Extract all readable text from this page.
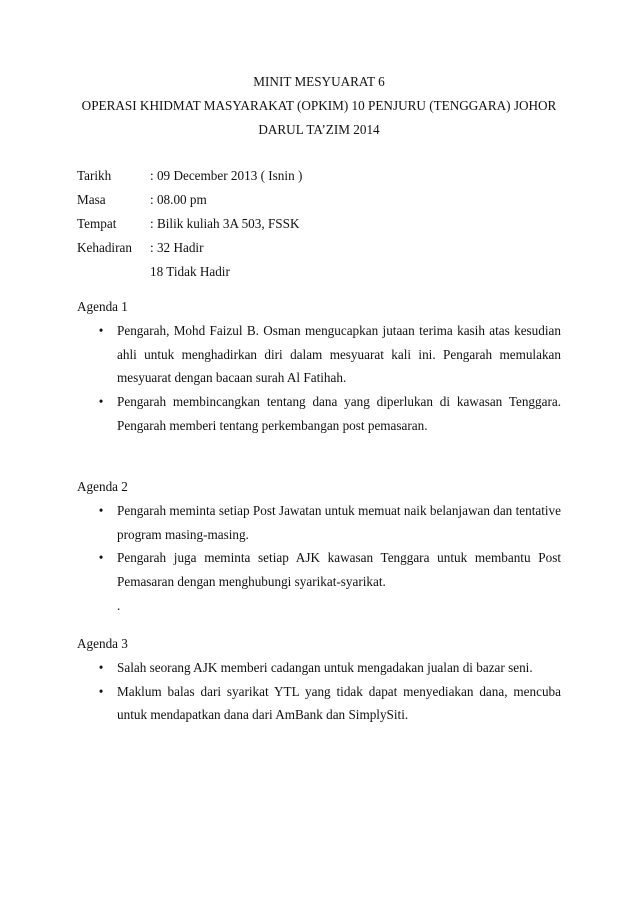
MINIT MESYUARAT 6
OPERASI KHIDMAT MASYARAKAT (OPKIM) 10 PENJURU (TENGGARA) JOHOR
DARUL TA’ZIM 2014
Tarikh	: 09 December 2013 ( Isnin )
Masa	: 08.00 pm
Tempat	: Bilik kuliah 3A 503, FSSK
Kehadiran	: 32 Hadir
18 Tidak Hadir
Agenda 1
• Pengarah, Mohd Faizul B. Osman mengucapkan jutaan terima kasih atas kesudian ahli untuk menghadirkan diri dalam mesyuarat kali ini. Pengarah memulakan mesyuarat dengan bacaan surah Al Fatihah.
• Pengarah membincangkan tentang dana yang diperlukan di kawasan Tenggara. Pengarah memberi tentang perkembangan post pemasaran.
Agenda 2
• Pengarah meminta setiap Post Jawatan untuk memuat naik belanjawan dan tentative program masing-masing.
• Pengarah juga meminta setiap AJK kawasan Tenggara untuk membantu Post Pemasaran dengan menghubungi syarikat-syarikat.
.
Agenda 3
• Salah seorang AJK memberi cadangan untuk mengadakan jualan di bazar seni.
• Maklum balas dari syarikat YTL yang tidak dapat menyediakan dana, mencuba untuk mendapatkan dana dari AmBank dan SimplySiti.
